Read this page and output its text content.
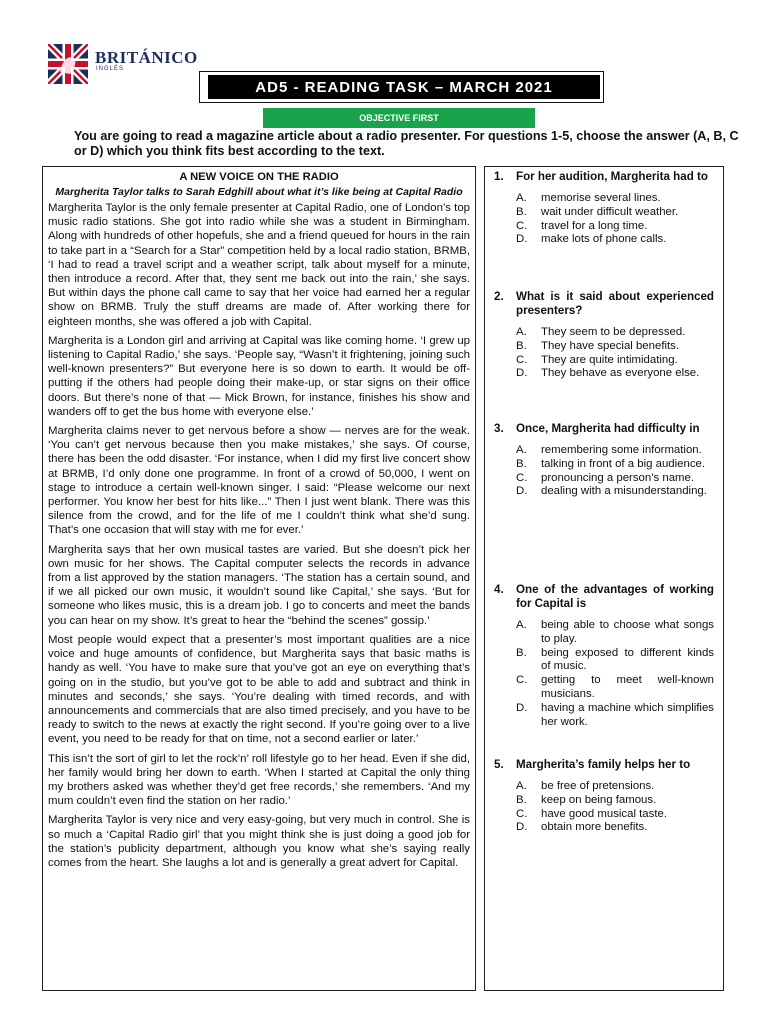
BRITÁNICO
INGLÉS
AD5 - READING TASK – MARCH 2021
OBJECTIVE FIRST
You are going to read a magazine article about a radio presenter. For questions 1-5, choose the answer (A, B, C or D) which you think fits best according to the text.
A NEW VOICE ON THE RADIO
Margherita Taylor talks to Sarah Edghill about what it’s like being at Capital Radio

Margherita Taylor is the only female presenter at Capital Radio, one of London’s top music radio stations. She got into radio while she was a student in Birmingham. Along with hundreds of other hopefuls, she and a friend queued for hours in the rain to take part in a “Search for a Star” competition held by a local radio station, BRMB, ‘I had to read a travel script and a weather script, talk about myself for a minute, then introduce a record. After that, they sent me back out into the rain,’ she says. But within days the phone call came to say that her voice had earned her a regular show on BRMB. Truly the stuff dreams are made of. After working there for eighteen months, she was offered a job with Capital.

Margherita is a London girl and arriving at Capital was like coming home. ‘I grew up listening to Capital Radio,’ she says. ‘People say, “Wasn’t it frightening, joining such well-known presenters?” But everyone here is so down to earth. It would be off-putting if the others had people doing their make-up, or star signs on their office doors. But there’s none of that — Mick Brown, for instance, finishes his show and wanders off to get the bus home with everyone else.’

Margherita claims never to get nervous before a show — nerves are for the weak. ‘You can’t get nervous because then you make mistakes,’ she says. Of course, there has been the odd disaster. ‘For instance, when I did my first live concert show at BRMB, I’d only done one programme. In front of a crowd of 50,000, I went on stage to introduce a certain well-known singer. I said: “Please welcome our next performer. You know her best for hits like...” Then I just went blank. There was this silence from the crowd, and for the life of me I couldn’t think what she’d sung. That’s one occasion that will stay with me for ever.’

Margherita says that her own musical tastes are varied. But she doesn’t pick her own music for her shows. The Capital computer selects the records in advance from a list approved by the station managers. ‘The station has a certain sound, and if we all picked our own music, it wouldn’t sound like Capital,’ she says. ‘But for someone who likes music, this is a dream job. I go to concerts and meet the bands you can hear on my show. It’s great to hear the “behind the scenes” gossip.’

Most people would expect that a presenter’s most important qualities are a nice voice and huge amounts of confidence, but Margherita says that basic maths is handy as well. ‘You have to make sure that you’ve got an eye on everything that’s going on in the studio, but you’ve got to be able to add and subtract and think in minutes and seconds,’ she says. ‘You’re dealing with timed records, and with announcements and commercials that are also timed precisely, and you have to be ready to switch to the news at exactly the right second. If you’re going over to a live event, you need to be ready for that on time, not a second earlier or later.’

This isn’t the sort of girl to let the rock’n’ roll lifestyle go to her head. Even if she did, her family would bring her down to earth. ‘When I started at Capital the only thing my brothers asked was whether they’d get free records,’ she remembers. ‘And my mum couldn’t even find the station on her radio.’

Margherita Taylor is very nice and very easy-going, but very much in control. She is so much a ‘Capital Radio girl’ that you might think she is just doing a good job for the station’s publicity department, although you know what she’s saying really comes from the heart. She laughs a lot and is generally a great advert for Capital.

1.	For her audition, Margherita had to
A.	memorise several lines.
B.	wait under difficult weather.
C.	travel for a long time.
D.	make lots of phone calls.
2.	What is it said about experienced presenters?
A.	They seem to be depressed.
B.	They have special benefits.
C.	They are quite intimidating.
D.	They behave as everyone else.
3.	Once, Margherita had difficulty in
A.	remembering some information.
B.	talking in front of a big audience.
C.	pronouncing a person’s name.
D.	dealing with a misunderstanding.
4.	One of the advantages of working for Capital is
A.	being able to choose what songs to play.
B.	being exposed to different kinds of music.
C.	getting to meet well-known musicians.
D.	having a machine which simplifies her work.
5.	Margherita’s family helps her to
A.	be free of pretensions.
B.	keep on being famous.
C.	have good musical taste.
D.	obtain more benefits.
